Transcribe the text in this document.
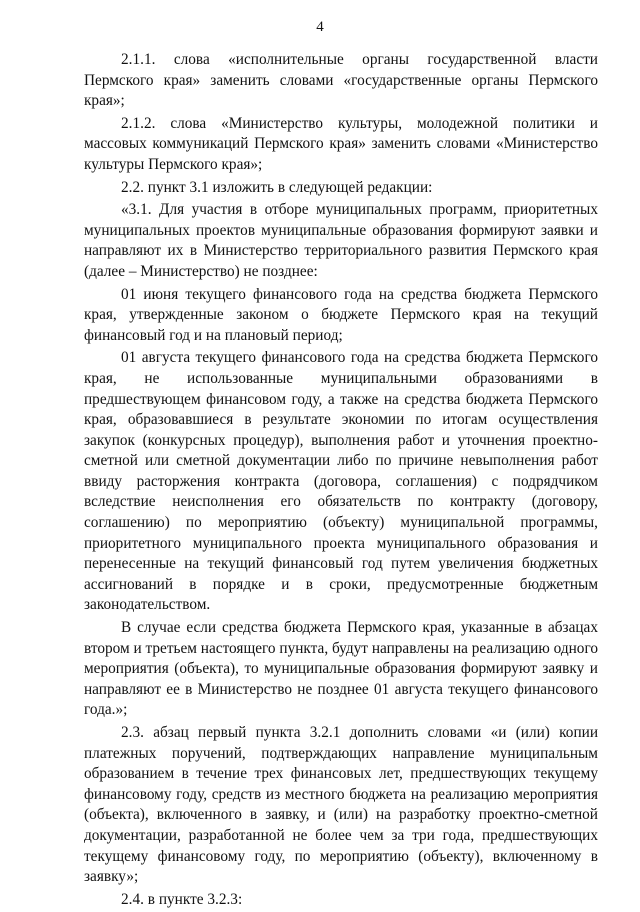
4

2.1.1. слова «исполнительные органы государственной власти Пермского края» заменить словами «государственные органы Пермского края»;

2.1.2. слова «Министерство культуры, молодежной политики и массовых коммуникаций Пермского края» заменить словами «Министерство культуры Пермского края»;

2.2. пункт 3.1 изложить в следующей редакции:

«3.1. Для участия в отборе муниципальных программ, приоритетных муниципальных проектов муниципальные образования формируют заявки и направляют их в Министерство территориального развития Пермского края (далее – Министерство) не позднее:

01 июня текущего финансового года на средства бюджета Пермского края, утвержденные законом о бюджете Пермского края на текущий финансовый год и на плановый период;

01 августа текущего финансового года на средства бюджета Пермского края, не использованные муниципальными образованиями в предшествующем финансовом году, а также на средства бюджета Пермского края, образовавшиеся в результате экономии по итогам осуществления закупок (конкурсных процедур), выполнения работ и уточнения проектно-сметной или сметной документации либо по причине невыполнения работ ввиду расторжения контракта (договора, соглашения) с подрядчиком вследствие неисполнения его обязательств по контракту (договору, соглашению) по мероприятию (объекту) муниципальной программы, приоритетного муниципального проекта муниципального образования и перенесенные на текущий финансовый год путем увеличения бюджетных ассигнований в порядке и в сроки, предусмотренные бюджетным законодательством.

В случае если средства бюджета Пермского края, указанные в абзацах втором и третьем настоящего пункта, будут направлены на реализацию одного мероприятия (объекта), то муниципальные образования формируют заявку и направляют ее в Министерство не позднее 01 августа текущего финансового года.»;

2.3. абзац первый пункта 3.2.1 дополнить словами «и (или) копии платежных поручений, подтверждающих направление муниципальным образованием в течение трех финансовых лет, предшествующих текущему финансовому году, средств из местного бюджета на реализацию мероприятия (объекта), включенного в заявку, и (или) на разработку проектно-сметной документации, разработанной не более чем за три года, предшествующих текущему финансовому году, по мероприятию (объекту), включенному в заявку»;

2.4. в пункте 3.2.3:
